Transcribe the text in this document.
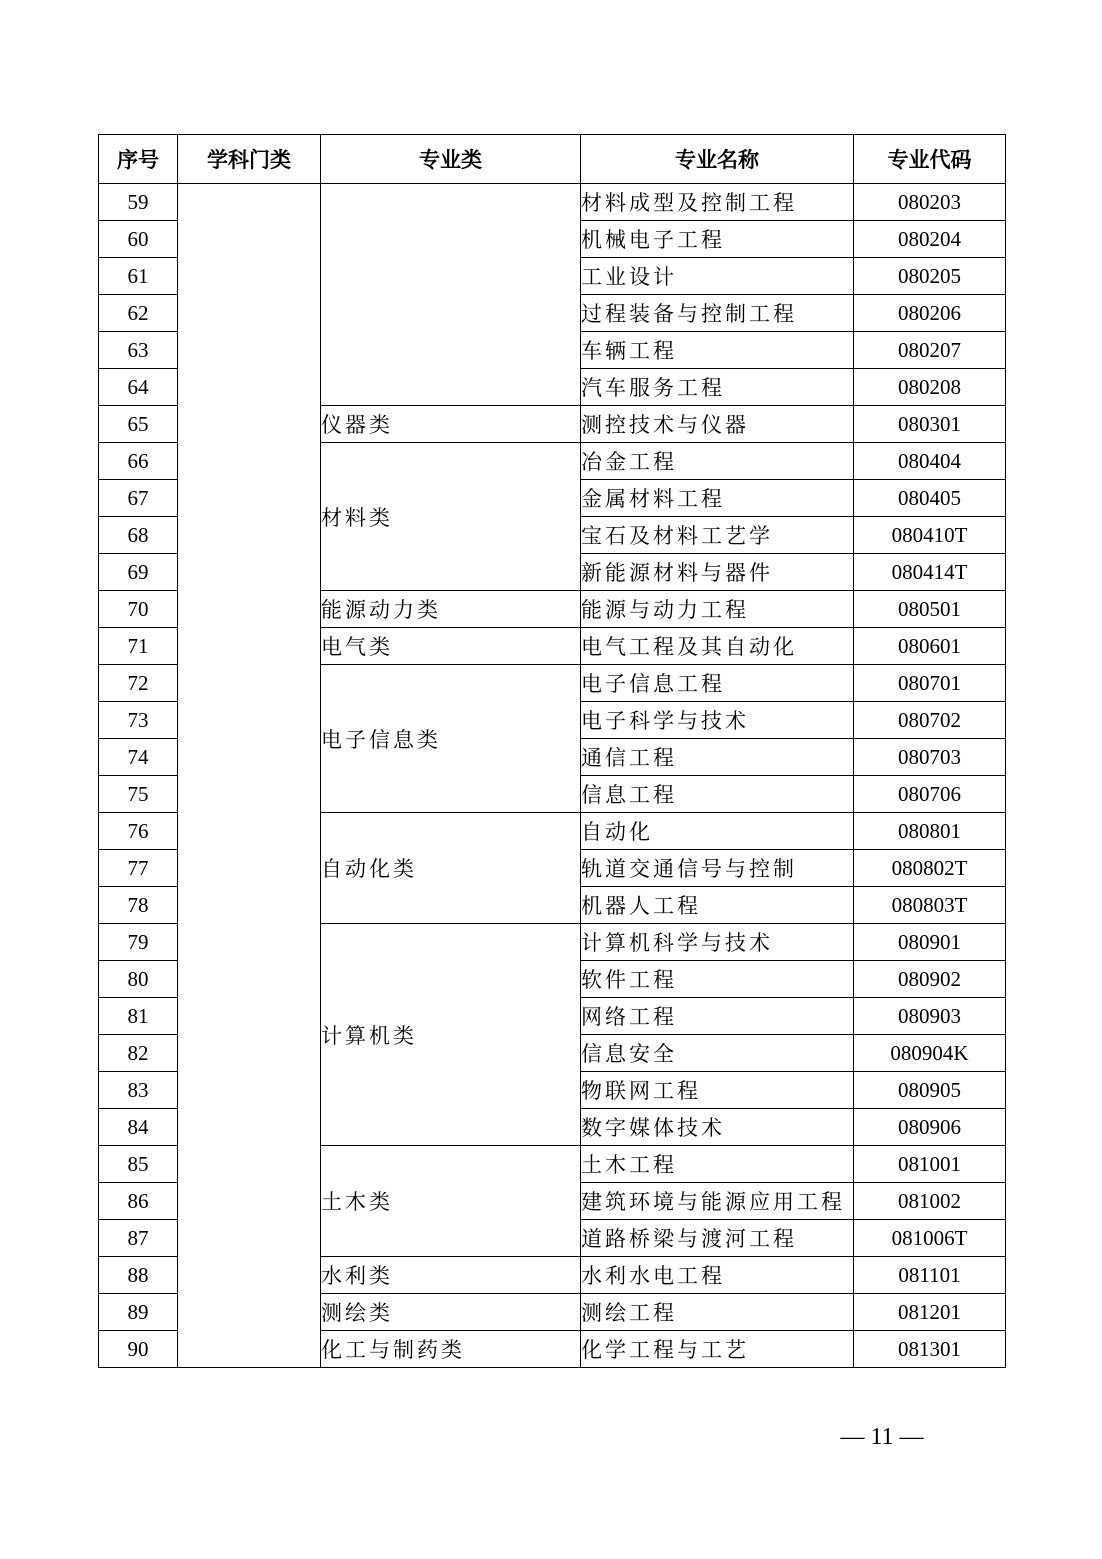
序号	学科门类	专业类	专业名称	专业代码
59			材料成型及控制工程	080203
60			机械电子工程	080204
61			工业设计	080205
62			过程装备与控制工程	080206
63			车辆工程	080207
64			汽车服务工程	080208
65		仪器类	测控技术与仪器	080301
66		材料类	冶金工程	080404
67			金属材料工程	080405
68			宝石及材料工艺学	080410T
69			新能源材料与器件	080414T
70		能源动力类	能源与动力工程	080501
71		电气类	电气工程及其自动化	080601
72		电子信息类	电子信息工程	080701
73			电子科学与技术	080702
74			通信工程	080703
75			信息工程	080706
76		自动化类	自动化	080801
77			轨道交通信号与控制	080802T
78			机器人工程	080803T
79		计算机类	计算机科学与技术	080901
80			软件工程	080902
81			网络工程	080903
82			信息安全	080904K
83			物联网工程	080905
84			数字媒体技术	080906
85		土木类	土木工程	081001
86			建筑环境与能源应用工程	081002
87			道路桥梁与渡河工程	081006T
88		水利类	水利水电工程	081101
89		测绘类	测绘工程	081201
90		化工与制药类	化学工程与工艺	081301
— 11 —
